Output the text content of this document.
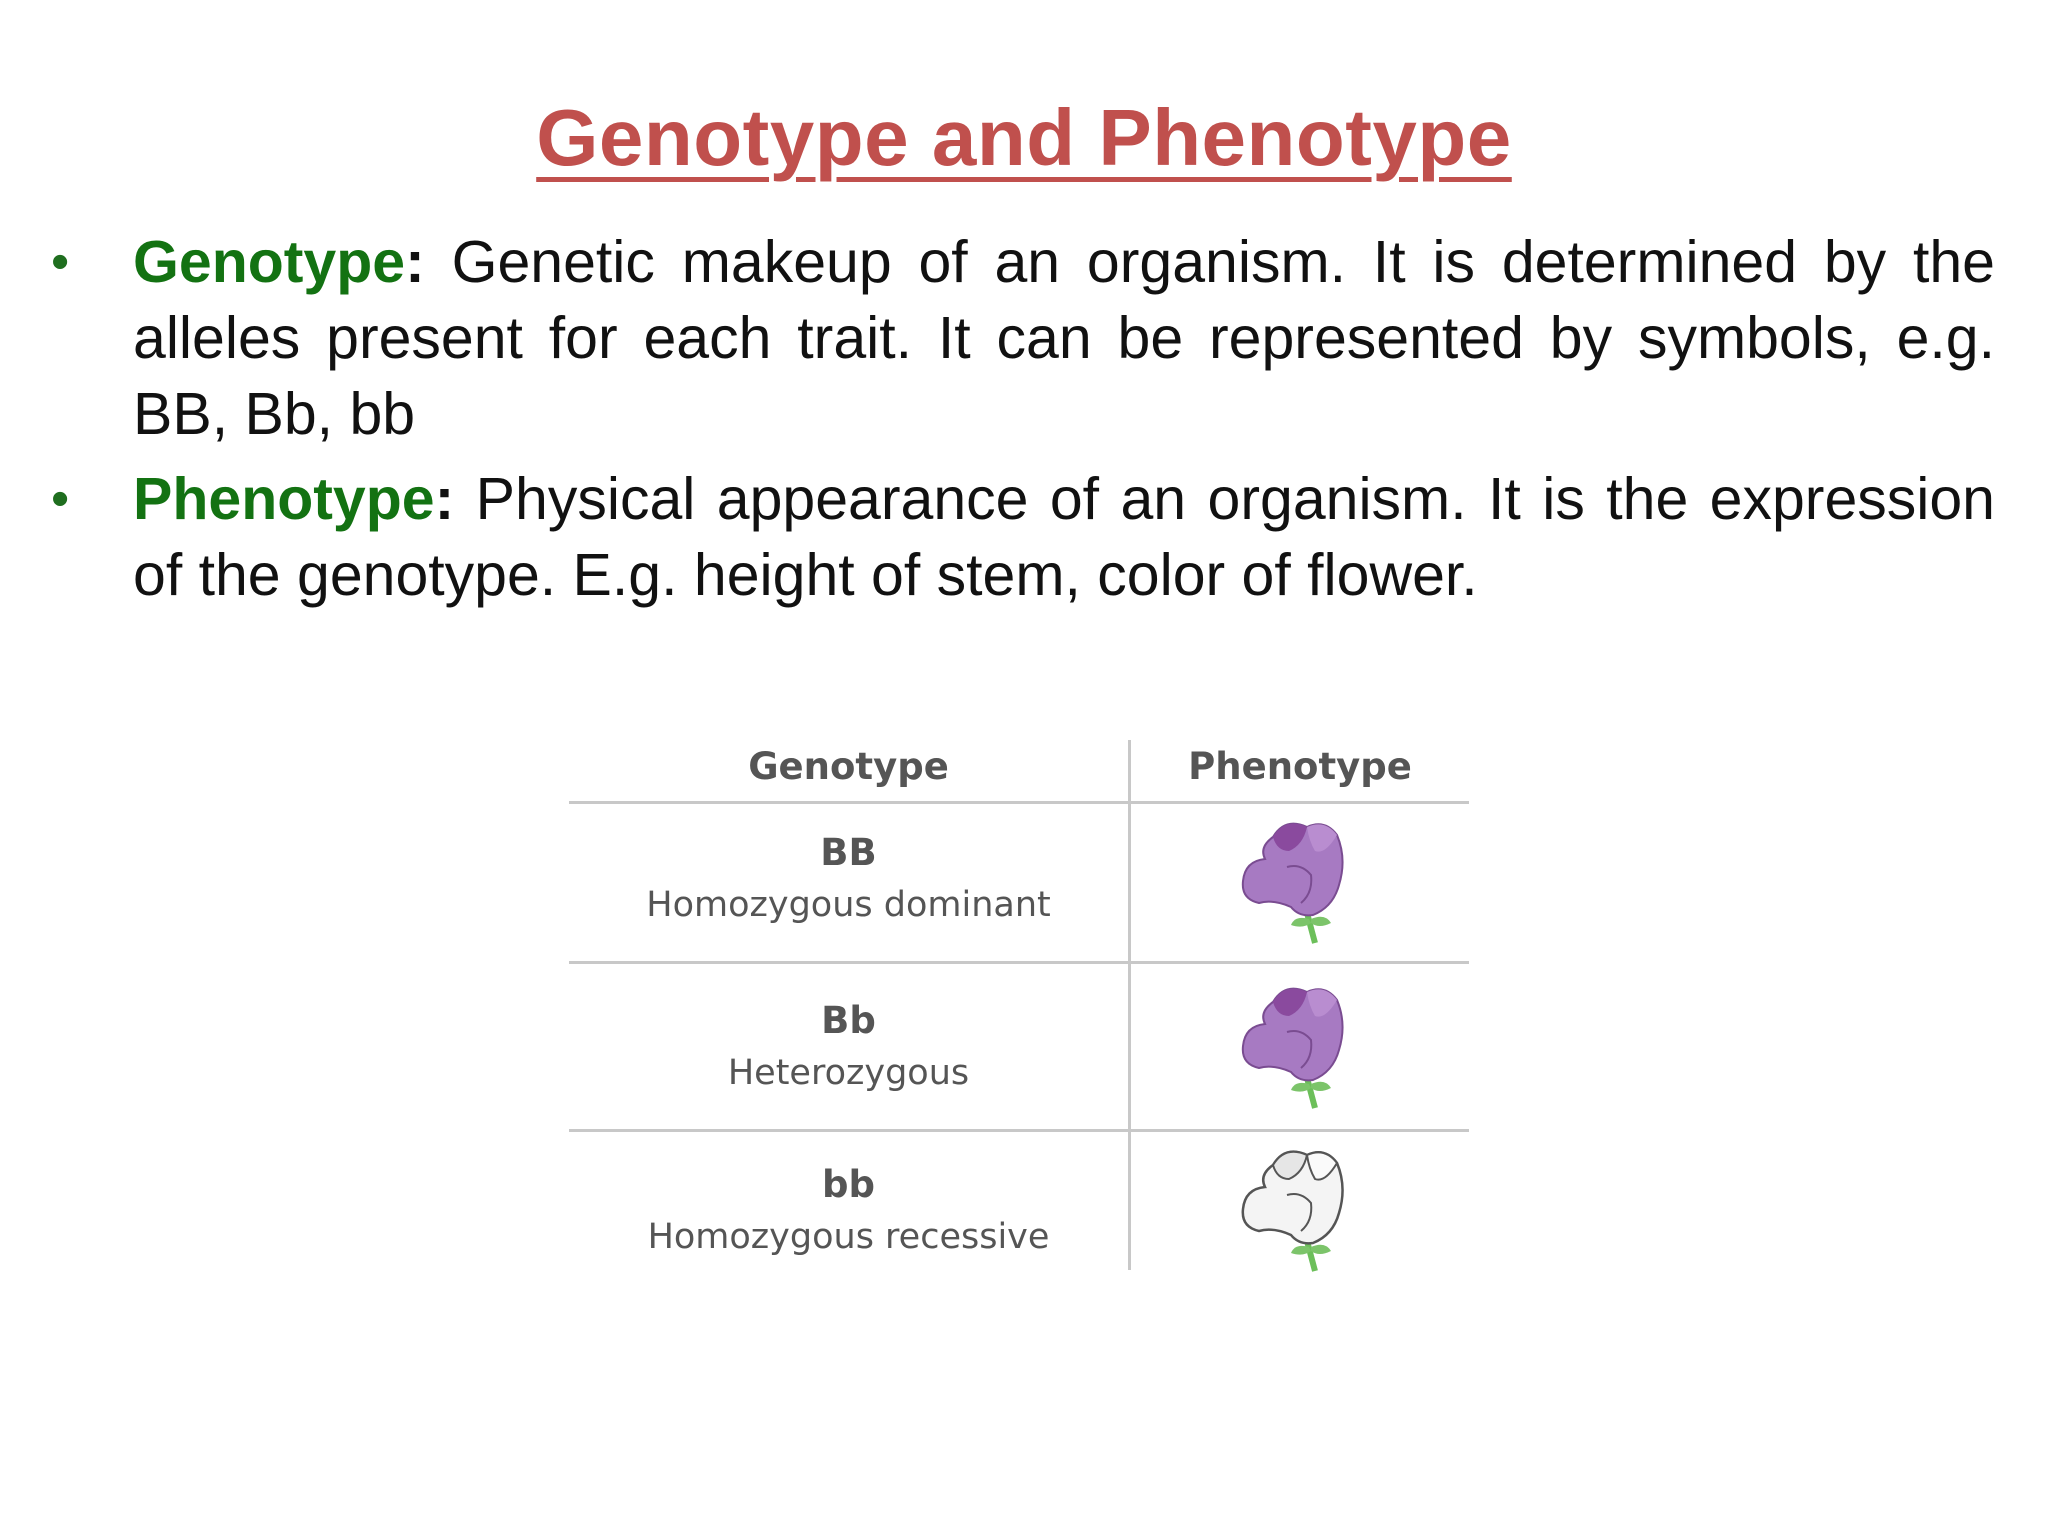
Genotype and Phenotype
• Genotype: Genetic makeup of an organism. It is determined by the alleles present for each trait. It can be represented by symbols, e.g. BB, Bb, bb
• Phenotype: Physical appearance of an organism. It is the expression of the genotype. E.g. height of stem, color of flower.
Genotype	Phenotype
BB
Homozygous dominant
Bb
Heterozygous
bb
Homozygous recessive
